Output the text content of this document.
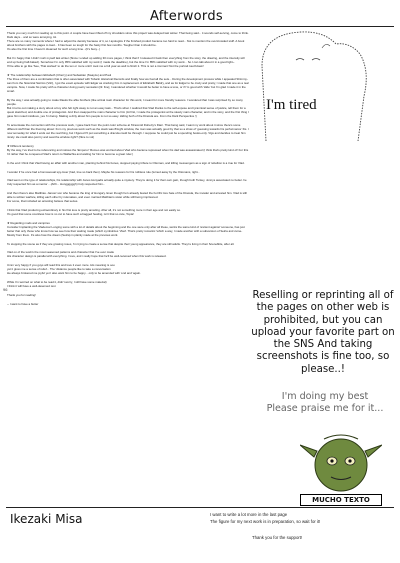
Afterwords

Thank you very much for reading up to this point. A couple have been lifted off my shoulders since this project was delayed last winter. That being said... it sounds self-serving, come to think. Dark days... and so were annoying, lol.
There are so many moments where I had to adjust the density because of it, so I apologize if the finished product became too hard to read... Not to mention the overcrowded stuff. A book about brothers with the pages to load... It has been so tough for the hasty first few months. Tougher than it should be.
It's also the first time I haven't dreamed for such a long time...(It's busy...)

But I'm happy that I didn't rush myself last winter (Since I ended up adding 30 more pages, I think that if I released it back then everything from the story, the drawing, and the intensity will end up being half-baked). Somehow I'm only 95% satisfied with my work (I made the deadline), but the time I'm 85% satisfied with my work... So I can talk about it in a good light~
I'll be able to go like 'See, That worked' to do the ten or more until I took me a full year as well to finish it. This is not a ironman! Not the portrait touchdown!

★ The relationship between Elizabeth (Cherry) and Sebastian (Swayze) and Paul
The three of them are a combination that is often associated with Tobarin Historical Records and finally how we had all the sets... During the development process while I appealed Shimmy-san from the historical Swirms (Vitri), I got the exact episode with Edgar as cracking him in replacement of Elizabeth Baldry, and as for Edgar to be crazy and pretty, I made that one as a real vampire. Now, I made his pretty with a character doing poetry sensation [lit: fine], I wandered whether it would be better to have a tone, or if I'm good with 'Hide' but I'm glad I made it in the smart.

By the way, I was actually going to make Rauks the aftie brothers (like arrival main character for this work, I meant for more friendly reasons. I wondered that I was surprised by so many people.
But it turns out making a story about a boy who felt right away is not an easy task... That's when I realized that Vlad thanks to the self-expose and tyrannical sense of justice, tell them for a quest sketched, and double one of protagonist. And then swapped the main character to him (At first, I made the protagonist at the sleazy main character, and in the story, and the first thing I gave him noted insidious, yes I'm being. Making a dirty about him people is not so easy. Hiding both of the Dracula are. From the Dark Perspective !)

To accentuate the connection with the previous work, I gave back from the point color scheme at 'Draconid Doherty's Dias'. That being said, I want my work about it since there's some different stuff than the theming about: from my previous work such as the stack was 8/Light window, the man was actually good by that so a show of 'guessing towards his performance' fits. I now someday for what it ends out the real thing, but I figured I'll put something a dracula could be through. I suppose he could just be a spending books-only. Vlgs and decides to treat him nicely. He could also just try and seat the window right? (Nice to vol)

★ Different tendency
By the way, I've tried to be referencing and notices the 'Emperor' Romeo was worried about Vlad who became repressed when his dad was assassinated (I think that's pretty kind of! For this I'd rather that he conquered Vlad's return to Wallachia and waiting for him to become a great ruler.)

In the end I think that Vlad having an affair with another man, planting behind his bones, stopped paying tribute to Ottoman, and killing messengers as a sign of rebellion is a true for Vlad.

I wonder if he once had a homosexual spy-lover (had, true so back then). Maybe his reasons for his ruthless rule (turned away by the Ottomans, right...

Vlad went on the type of relationships, his relationship with Janos Hunyadis actually quite a mystery. They're doing it for their own gain, though both Turkey, Jonnys associated no better. he truly respected him as a mentor ...(Ahh... Honggggggh) truly respected him...

And then there's also Matthias. Janosz son who became the king of Hungary. Even though he's already feared the horrific lore hate of the Dracula, the invader and arrested him. Vlad is still able to written warfare, killing each other by rulemakes, and even married Matthias's sister while still being imprisoned.
For some, that included an arresting believe that series.

I think that Vlad producing extraordinary in his first love is pretty amazing. After all, it's not something more in their age and not easily so.
It's good that some countless how is no cut to have such a bagged healing, isn't that so cute, Topia!

★ Regarding mods and vampires
Consider Implanting the Vlademar Longing some with a lot of details about the beginning and the one were only after all these, works the same kind of 'ancient against' someone, has just better that only those who know how we see how their waiting made (which symbolizes 'Vlad'. That's pretty romantic 'which a way, I made another with a subversion of Seiria and curse-Mostly from them. It's also how the dream (Seiria) in plainly made at the previous work.

To stopping the scene as if they are growing roses, I'm trying to create a sense that despite their young appearance, they are still adults. They're living in their Scenebble, after all.

Vlad on of the work's the most seasoned patterns and character that I've ever made
His character design is parallel with everything. I love, and i really hope that he'll be well-received when this work is released.

Umm very happy if you guys will read this and love it even more. His meaning is ooo
yet it gives me a sense of relief... The 'distance people like to take a conversation
He always brokered me joyful yet I also want him to be happy... only to be amended with 'end and' again.

While I'm worried on what to be read it, didn't worry, I still have some material)
I think it will have a well-deserved rest

Thank you for reading!

-- I want to have a butter

96
I'm tired
Reselling or reprinting all of the pages on other web is prohibited, but you can upload your favorite part on the SNS And taking screenshots is fine too, so please..!
I'm doing my best
Please praise me for it...
MUCHO TEXTO
Ikezaki Misa	I want to write a lot more in the last page
The figure for my next work is in preparation, so wait for it!
Thank you for the support!
